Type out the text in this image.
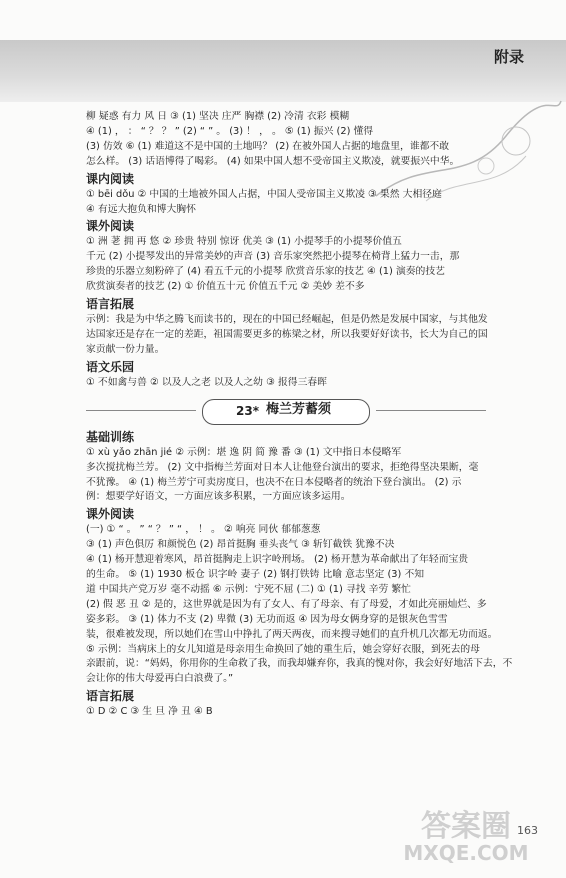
附录
柳 疑惑 有力 风 日 ③ (1) 坚决 庄严 胸襟 (2) 冷清 衣彩 模糊
④ (1) ， ： “ ？ ？ ” (2) “ ” 。 (3) ！ ， 。 ⑤ (1) 振兴 (2) 懂得
(3) 仿效 ⑥ (1) 难道这不是中国的土地吗？ (2) 在被外国人占据的地盘里，谁都不敢
怎么样。 (3) 话语博得了喝彩。 (4) 如果中国人想不受帝国主义欺凌，就要振兴中华。
课内阅读
① bēi dǒu ② 中国的土地被外国人占据，中国人受帝国主义欺凌 ③ 果然 大相径庭
④ 有远大抱负和博大胸怀
课外阅读
① 洲 荖 拥 再 悠 ② 珍贵 特别 惊讶 优美 ③ (1) 小提琴手的小提琴价值五
千元 (2) 小提琴发出的异常美妙的声音 (3) 音乐家突然把小提琴在椅背上猛力一击，那
珍贵的乐器立刻粉碎了 (4) 看五千元的小提琴 欣赏音乐家的技艺 ④ (1) 演奏的技艺
欣赏演奏者的技艺 (2) ① 价值五十元 价值五千元 ② 美妙 差不多
语言拓展
示例：我是为中华之腾飞而读书的，现在的中国已经崛起，但是仍然是发展中国家，与其他发
达国家还是存在一定的差距，祖国需要更多的栋梁之材，所以我要好好读书，长大为自己的国
家贡献一份力量。
语文乐园
① 不如禽与兽 ② 以及人之老 以及人之幼 ③ 报得三春晖
23* 梅兰芳蓄须
基础训练
① xù yǎo zhān jié ② 示例：堪 逸 阴 简 豫 番 ③ (1) 文中指日本侵略军
多次搅扰梅兰芳。 (2) 文中指梅兰芳面对日本人让他登台演出的要求，拒绝得坚决果断，毫
不犹豫。 ④ (1) 梅兰芳宁可卖房度日，也决不在日本侵略者的统治下登台演出。 (2) 示
例：想要学好语文，一方面应该多积累，一方面应该多运用。
课外阅读
(一) ① “ 。 ” “ ？ ” “ ， ！ 。 ② 响亮 同伙 郁郁葱葱
③ (1) 声色俱厉 和颜悦色 (2) 昂首挺胸 垂头丧气 ③ 斩钉截铁 犹豫不决
④ (1) 杨开慧迎着寒风，昂首挺胸走上识字岭刑场。 (2) 杨开慧为革命献出了年轻而宝贵
的生命。 ⑤ (1) 1930 板仓 识字岭 妻子 (2) 钢打铁铸 比喻 意志坚定 (3) 不知
道 中国共产党万岁 毫不动摇 ⑥ 示例：宁死不屈 (二) ① (1) 寻找 辛劳 繁忙
(2) 假 恶 丑 ② 是的，这世界就是因为有了女人、有了母亲、有了母爱，才如此亮丽灿烂、多
姿多彩。 ③ (1) 体力不支 (2) 卑微 (3) 无功而返 ④ 因为母女俩身穿的是银灰色雪雪
装，很难被发现，所以她们在雪山中挣扎了两天两夜，而来搜寻她们的直升机几次都无功而返。
⑤ 示例：当病床上的女儿知道是母亲用生命换回了她的重生后，她会穿好衣服，到死去的母
亲跟前，说：“妈妈，你用你的生命救了我，而我却嫌弃你，我真的愧对你，我会好好地活下去，不
会让你的伟大母爱再白白浪费了。”
语言拓展
① D ② C ③ 生 旦 净 丑 ④ B
163
答案圈
MXQE.COM
